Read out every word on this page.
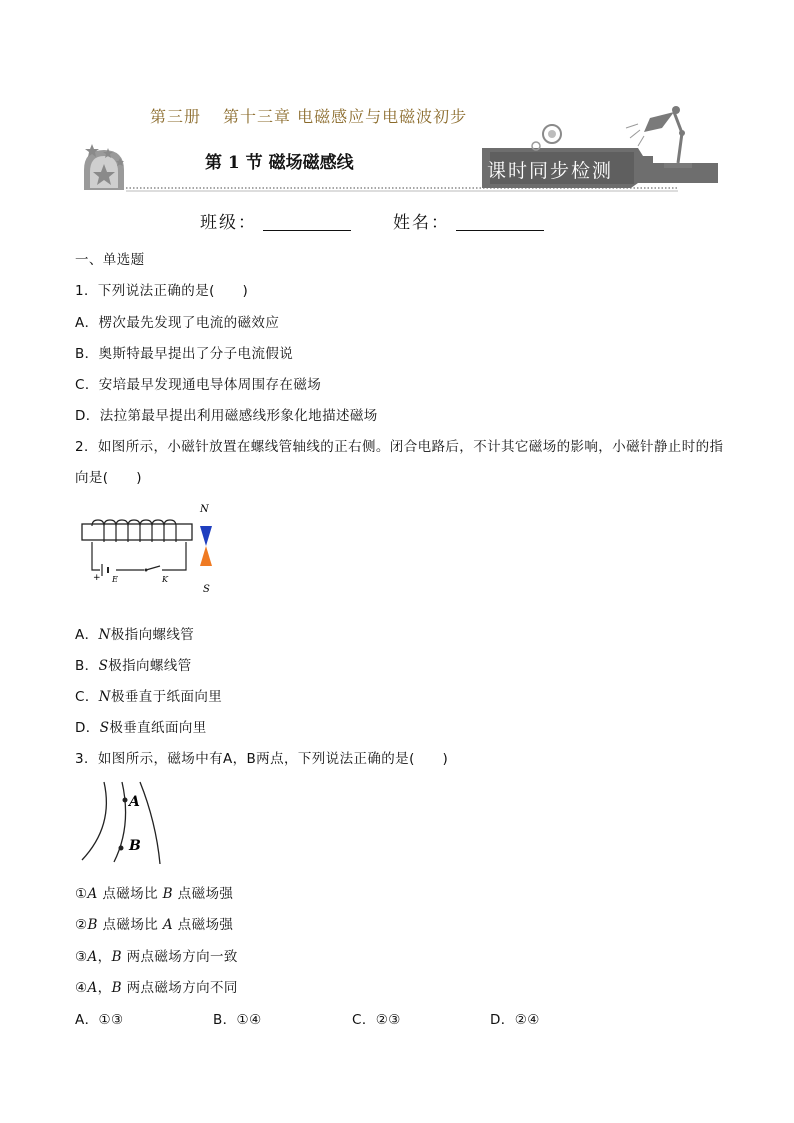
第三册 第十三章 电磁感应与电磁波初步
第 1 节 磁场磁感线	课时同步检测
班级：	姓名：
一、单选题
1．下列说法正确的是(　　)
A．楞次最先发现了电流的磁效应
B．奥斯特最早提出了分子电流假说
C．安培最早发现通电导体周围存在磁场
D．法拉第最早提出利用磁感线形象化地描述磁场
2．如图所示，小磁针放置在螺线管轴线的正右侧。闭合电路后，不计其它磁场的影响，小磁针静止时的指
向是(　　)
+ E	K
N
S
A．N极指向螺线管
B．S极指向螺线管
C．N极垂直于纸面向里
D．S极垂直纸面向里
3．如图所示，磁场中有A，B两点，下列说法正确的是(　　)
A
B
①A 点磁场比 B 点磁场强
②B 点磁场比 A 点磁场强
③A，B 两点磁场方向一致
④A，B 两点磁场方向不同
A．①③	B．①④	C．②③	D．②④
